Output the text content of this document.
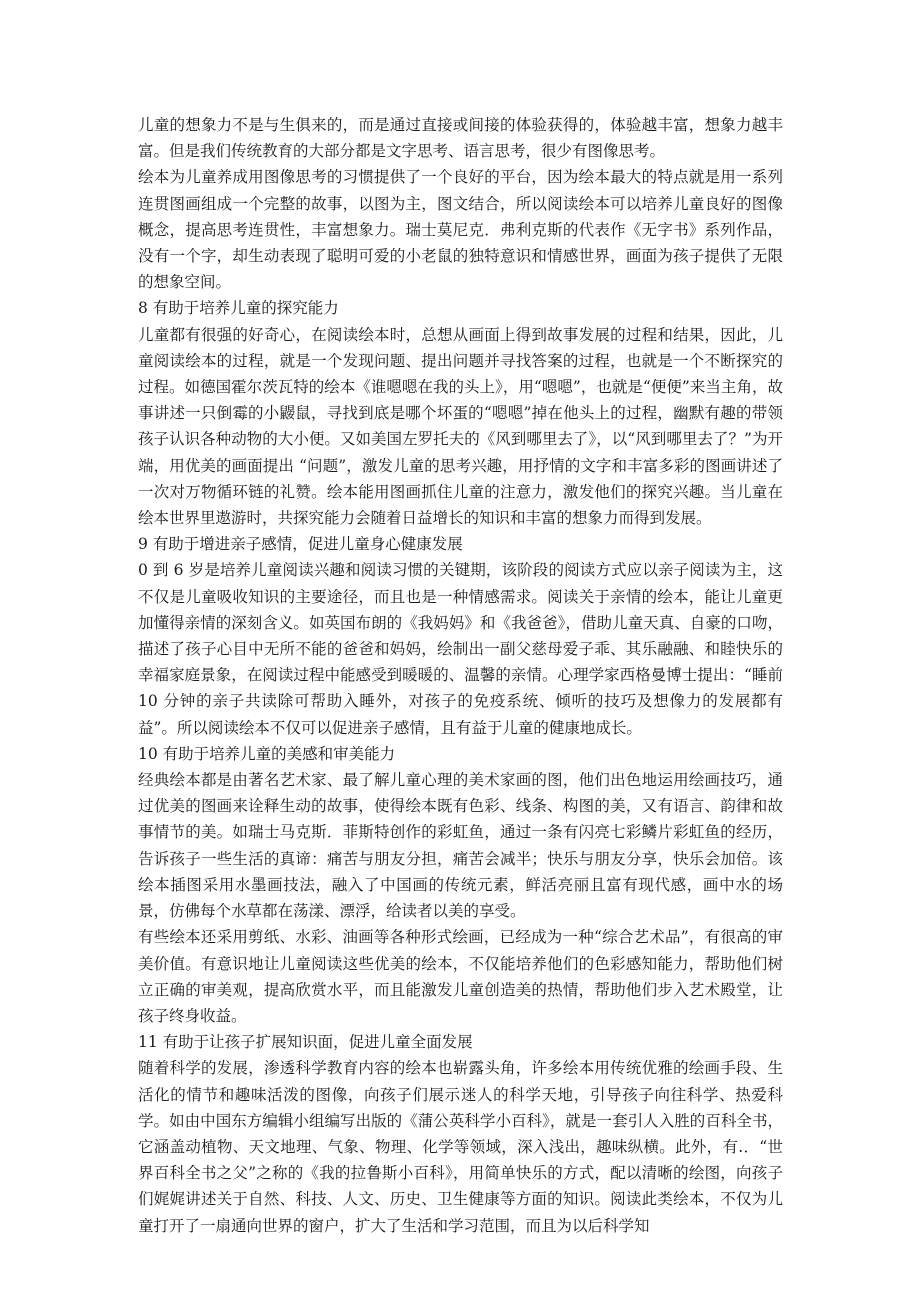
儿童的想象力不是与生俱来的，而是通过直接或间接的体验获得的，体验越丰富，想象力越丰富。但是我们传统教育的大部分都是文字思考、语言思考，很少有图像思考。

绘本为儿童养成用图像思考的习惯提供了一个良好的平台，因为绘本最大的特点就是用一系列连贯图画组成一个完整的故事，以图为主，图文结合，所以阅读绘本可以培养儿童良好的图像概念，提高思考连贯性，丰富想象力。瑞士莫尼克．弗利克斯的代表作《无字书》系列作品，没有一个字，却生动表现了聪明可爱的小老鼠的独特意识和情感世界，画面为孩子提供了无限的想象空间。

8 有助于培养儿童的探究能力

儿童都有很强的好奇心，在阅读绘本时，总想从画面上得到故事发展的过程和结果，因此，儿童阅读绘本的过程，就是一个发现问题、提出问题并寻找答案的过程，也就是一个不断探究的过程。如德国霍尔茨瓦特的绘本《谁嗯嗯在我的头上》，用“嗯嗯”，也就是“便便”来当主角，故事讲述一只倒霉的小鼹鼠，寻找到底是哪个坏蛋的“嗯嗯”掉在他头上的过程，幽默有趣的带领孩子认识各种动物的大小便。又如美国左罗托夫的《风到哪里去了》，以“风到哪里去了？”为开端，用优美的画面提出 “问题”，激发儿童的思考兴趣，用抒情的文字和丰富多彩的图画讲述了一次对万物循环链的礼赞。绘本能用图画抓住儿童的注意力，激发他们的探究兴趣。当儿童在绘本世界里遨游时，共探究能力会随着日益增长的知识和丰富的想象力而得到发展。

9 有助于增进亲子感情，促进儿童身心健康发展

0 到 6 岁是培养儿童阅读兴趣和阅读习惯的关键期，该阶段的阅读方式应以亲子阅读为主，这不仅是儿童吸收知识的主要途径，而且也是一种情感需求。阅读关于亲情的绘本，能让儿童更加懂得亲情的深刻含义。如英国布朗的《我妈妈》和《我爸爸》，借助儿童天真、自豪的口吻，描述了孩子心目中无所不能的爸爸和妈妈，绘制出一副父慈母爱子乖、其乐融融、和睦快乐的幸福家庭景象，在阅读过程中能感受到暖暖的、温馨的亲情。心理学家西格曼博士提出：“睡前 10 分钟的亲子共读除可帮助入睡外，对孩子的免疫系统、倾听的技巧及想像力的发展都有益”。所以阅读绘本不仅可以促进亲子感情，且有益于儿童的健康地成长。

10 有助于培养儿童的美感和审美能力

经典绘本都是由著名艺术家、最了解儿童心理的美术家画的图，他们出色地运用绘画技巧，通过优美的图画来诠释生动的故事，使得绘本既有色彩、线条、构图的美，又有语言、韵律和故事情节的美。如瑞士马克斯．菲斯特创作的彩虹鱼，通过一条有闪亮七彩鳞片彩虹鱼的经历，告诉孩子一些生活的真谛：痛苦与朋友分担，痛苦会减半；快乐与朋友分享，快乐会加倍。该绘本插图采用水墨画技法，融入了中国画的传统元素，鲜活亮丽且富有现代感，画中水的场景，仿佛每个水草都在荡漾、漂浮，给读者以美的享受。

有些绘本还采用剪纸、水彩、油画等各种形式绘画，已经成为一种“综合艺术品”，有很高的审美价值。有意识地让儿童阅读这些优美的绘本，不仅能培养他们的色彩感知能力，帮助他们树立正确的审美观，提高欣赏水平，而且能激发儿童创造美的热情，帮助他们步入艺术殿堂，让孩子终身收益。

11 有助于让孩子扩展知识面，促进儿童全面发展

随着科学的发展，渗透科学教育内容的绘本也崭露头角，许多绘本用传统优雅的绘画手段、生活化的情节和趣味活泼的图像，向孩子们展示迷人的科学天地，引导孩子向往科学、热爱科学。如由中国东方编辑小组编写出版的《蒲公英科学小百科》，就是一套引人入胜的百科全书，它涵盖动植物、天文地理、气象、物理、化学等领域，深入浅出，趣味纵横。此外，有.．“世界百科全书之父”之称的《我的拉鲁斯小百科》，用简单快乐的方式，配以清晰的绘图，向孩子们娓娓讲述关于自然、科技、人文、历史、卫生健康等方面的知识。阅读此类绘本，不仅为儿童打开了一扇通向世界的窗户，扩大了生活和学习范围，而且为以后科学知
